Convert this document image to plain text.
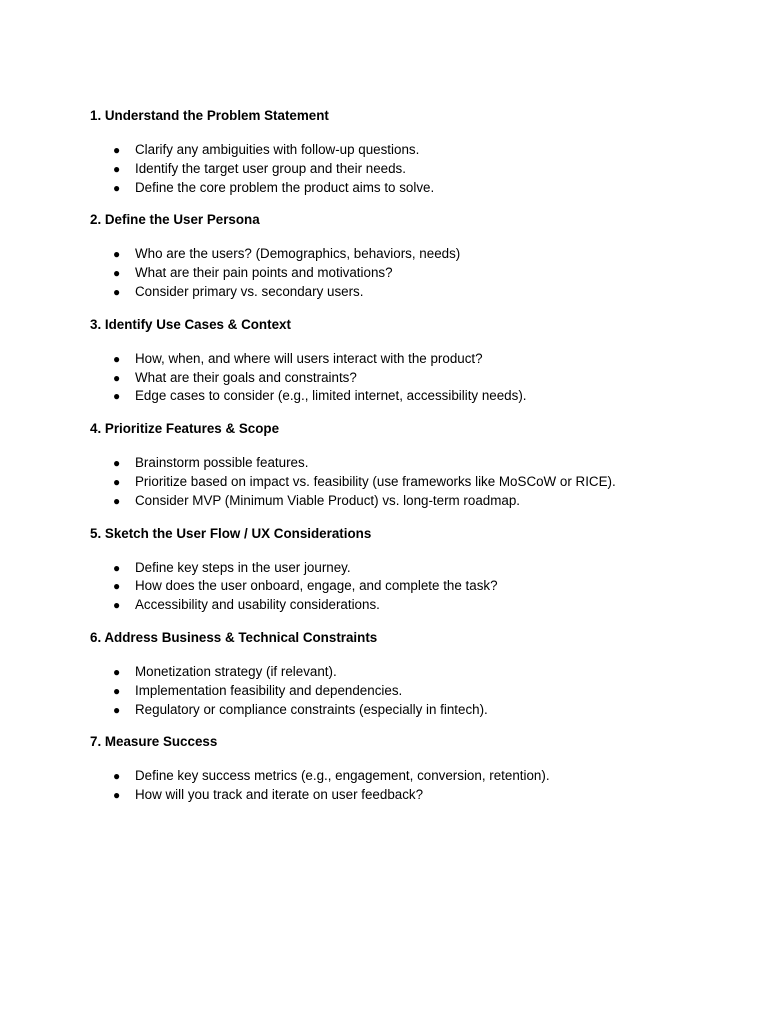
1. Understand the Problem Statement
● Clarify any ambiguities with follow-up questions.
● Identify the target user group and their needs.
● Define the core problem the product aims to solve.
2. Define the User Persona
● Who are the users? (Demographics, behaviors, needs)
● What are their pain points and motivations?
● Consider primary vs. secondary users.
3. Identify Use Cases & Context
● How, when, and where will users interact with the product?
● What are their goals and constraints?
● Edge cases to consider (e.g., limited internet, accessibility needs).
4. Prioritize Features & Scope
● Brainstorm possible features.
● Prioritize based on impact vs. feasibility (use frameworks like MoSCoW or RICE).
● Consider MVP (Minimum Viable Product) vs. long-term roadmap.
5. Sketch the User Flow / UX Considerations
● Define key steps in the user journey.
● How does the user onboard, engage, and complete the task?
● Accessibility and usability considerations.
6. Address Business & Technical Constraints
● Monetization strategy (if relevant).
● Implementation feasibility and dependencies.
● Regulatory or compliance constraints (especially in fintech).
7. Measure Success
● Define key success metrics (e.g., engagement, conversion, retention).
● How will you track and iterate on user feedback?
